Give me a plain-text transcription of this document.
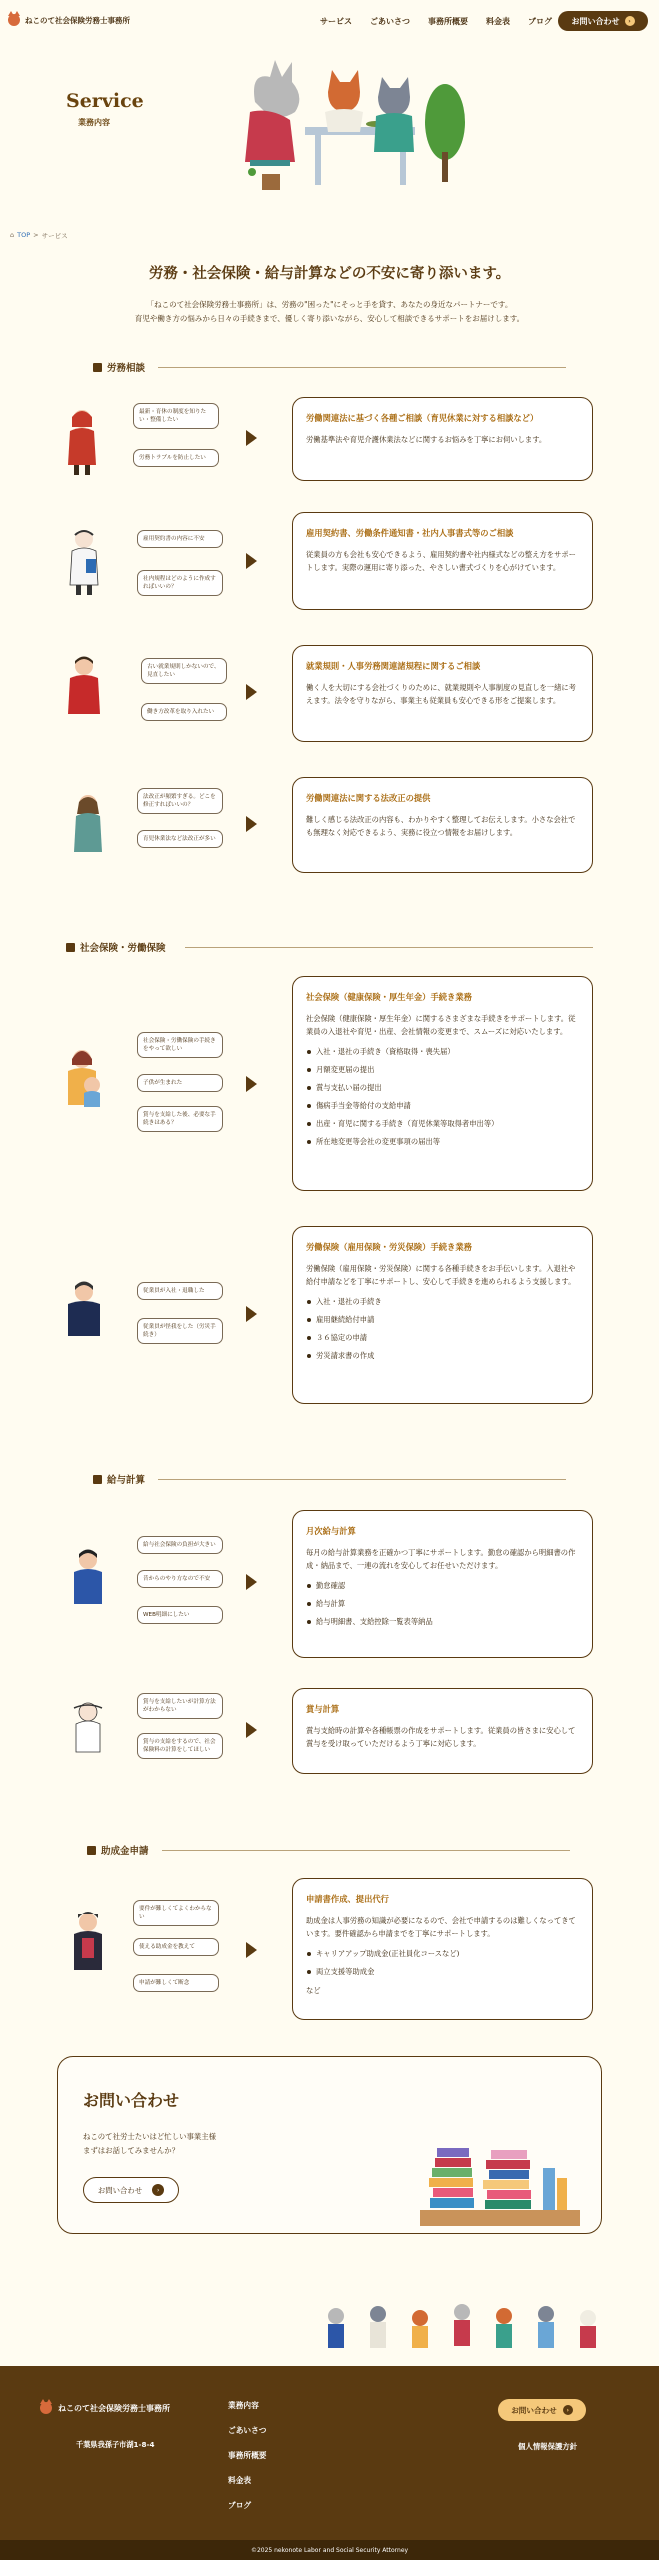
ねこのて社会保険労務士事務所	サービス ごあいさつ 事務所概要 料金表 ブログ お問い合わせ	›
Service
業務内容
⌂ TOP > サービス
労務・社会保険・給与計算などの不安に寄り添います。
「ねこのて社会保険労務士事務所」は、労務の"困った"にそっと手を貸す、あなたの身近なパートナーです。
育児や働き方の悩みから日々の手続きまで、優しく寄り添いながら、安心して相談できるサポートをお届けします。
労務相談
最新・育休の制度を知りたい・整備したい
労務トラブルを防止したい
労働関連法に基づく各種ご相談（育児休業に対する相談など）
労働基準法や育児介護休業法などに関するお悩みを丁寧にお伺いします。
雇用契約書の内容に不安
社内規程はどのように作成すればいいの？
雇用契約書、労働条件通知書・社内人事書式等のご相談
従業員の方も会社も安心できるよう、雇用契約書や社内様式などの整え方をサポートします。実際の運用に寄り添った、やさしい書式づくりを心がけています。
古い就業規則しかないので、見直したい
働き方改革を取り入れたい
就業規則・人事労務関連諸規程に関するご相談
働く人を大切にする会社づくりのために、就業規則や人事制度の見直しを一緒に考えます。法令を守りながら、事業主も従業員も安心できる形をご提案します。
法改正が頻繁すぎる。どこを修正すればいいの？
育児休業法など法改正が多い
労働関連法に関する法改正の提供
難しく感じる法改正の内容も、わかりやすく整理してお伝えします。小さな会社でも無理なく対応できるよう、実務に役立つ情報をお届けします。
社会保険・労働保険
社会保険・労働保険の手続きをやって欲しい
子供が生まれた
賞与を支給した後、必要な手続きはある？
社会保険（健康保険・厚生年金）手続き業務
社会保険（健康保険・厚生年金）に関するさまざまな手続きをサポートします。従業員の入退社や育児・出産、会社情報の変更まで、スムーズに対応いたします。
入社・退社の手続き（資格取得・喪失届）
月額変更届の提出
賞与支払い届の提出
傷病手当金等給付の支給申請
出産・育児に関する手続き（育児休業等取得者申出等）
所在地変更等会社の変更事項の届出等
従業員が入社・退職した
従業員が怪我をした（労災手続き）
労働保険（雇用保険・労災保険）手続き業務
労働保険（雇用保険・労災保険）に関する各種手続きをお手伝いします。入退社や給付申請などを丁寧にサポートし、安心して手続きを進められるよう支援します。
入社・退社の手続き
雇用継続給付申請
３６協定の申請
労災請求書の作成
給与計算
給与社会保険の負担が大きい
昔からのやり方なので不安
WEB明細にしたい
月次給与計算
毎月の給与計算業務を正確かつ丁寧にサポートします。勤怠の確認から明細書の作成・納品まで、一連の流れを安心してお任せいただけます。
勤怠確認
給与計算
給与明細書、支給控除一覧表等納品
賞与を支給したいが計算方法がわからない
賞与の支給をするので、社会保険料の計算をしてほしい
賞与計算
賞与支給時の計算や各種帳票の作成をサポートします。従業員の皆さまに安心して賞与を受け取っていただけるよう丁寧に対応します。
助成金申請
要件が難しくてよくわからない
使える助成金を教えて
申請が難しくて断念
申請書作成、提出代行
助成金は人事労務の知識が必要になるので、会社で申請するのは難しくなってきています。要件確認から申請までを丁寧にサポートします。
キャリアアップ助成金(正社員化コースなど)
両立支援等助成金
など
お問い合わせ
ねこのて社労士たいはど忙しい事業主様
まずはお話してみませんか？
お問い合わせ	›
ねこのて社会保険労務士事務所
千葉県我孫子市湖1-8-4
業務内容
ごあいさつ
事務所概要
料金表
ブログ
お問い合わせ	›
個人情報保護方針
©2025 nekonote Labor and Social Security Attorney
